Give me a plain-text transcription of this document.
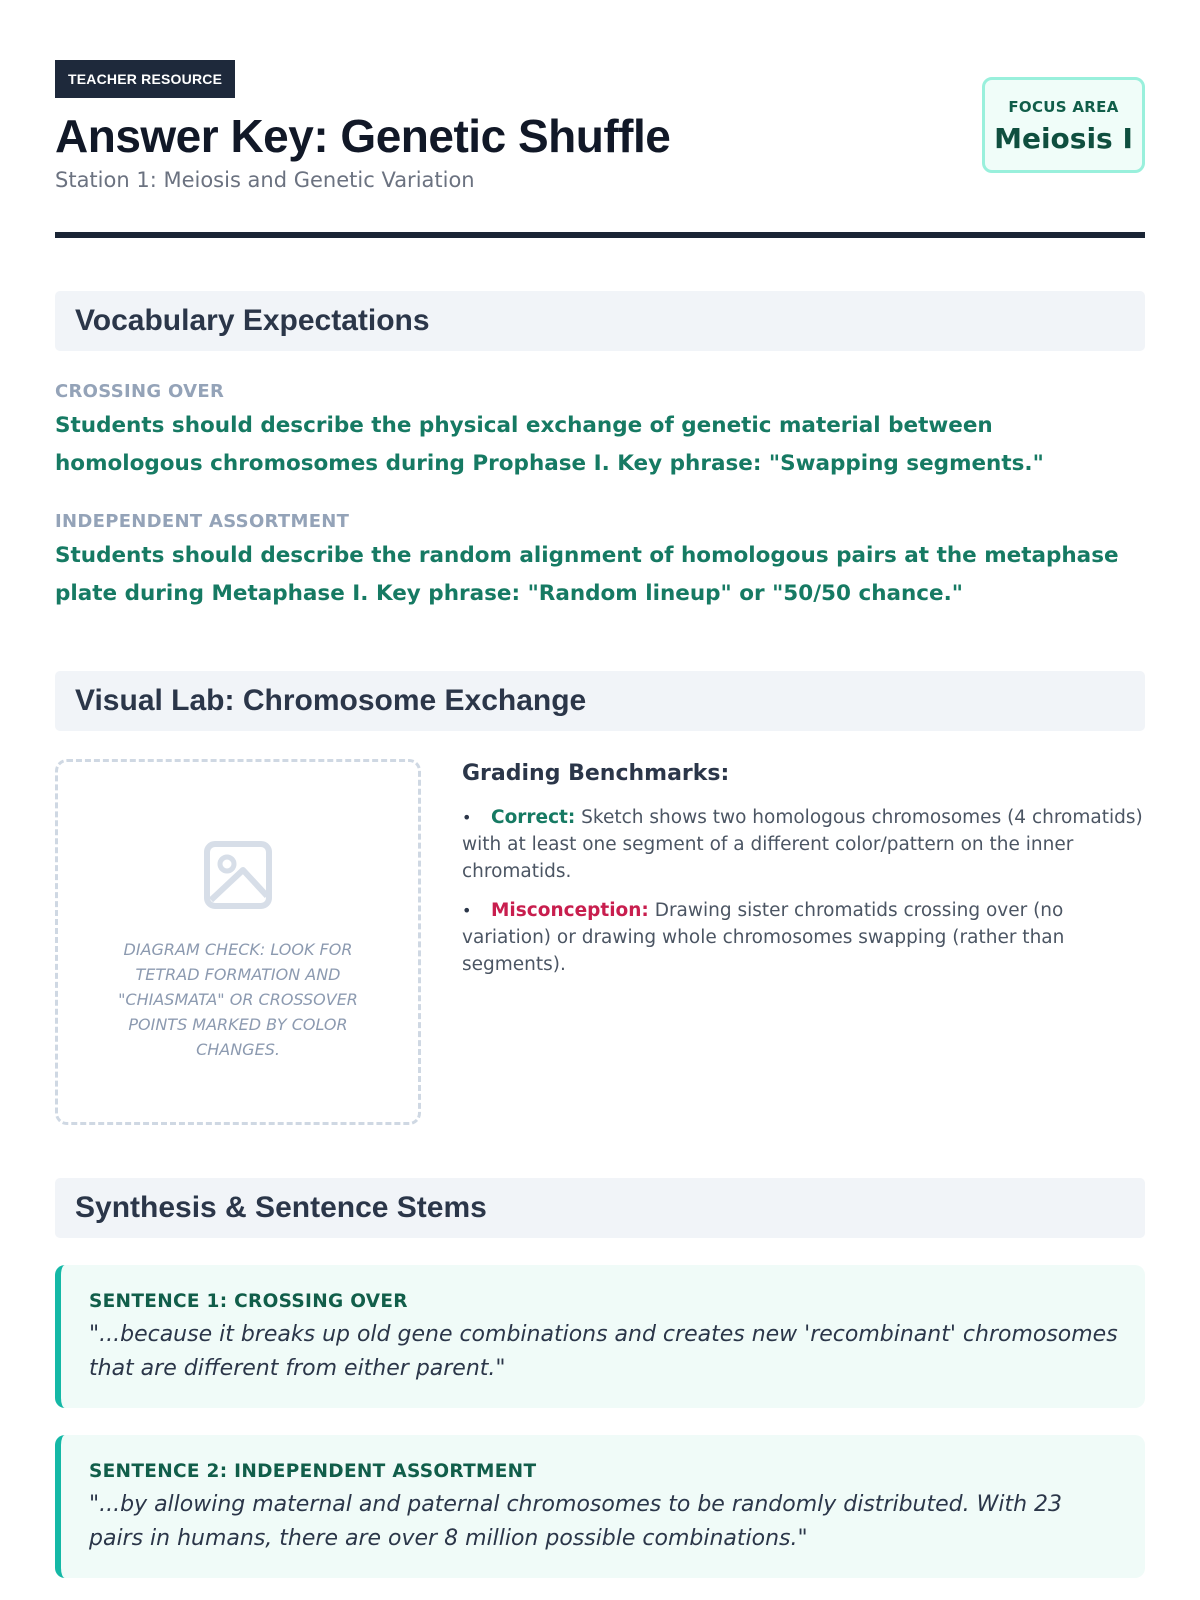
TEACHER RESOURCE
Answer Key: Genetic Shuffle
Station 1: Meiosis and Genetic Variation
FOCUS AREA
Meiosis I
Vocabulary Expectations
CROSSING OVER
Students should describe the physical exchange of genetic material between homologous chromosomes during Prophase I. Key phrase: "Swapping segments."
INDEPENDENT ASSORTMENT
Students should describe the random alignment of homologous pairs at the metaphase plate during Metaphase I. Key phrase: "Random lineup" or "50/50 chance."
Visual Lab: Chromosome Exchange
DIAGRAM CHECK: LOOK FOR TETRAD FORMATION AND "CHIASMATA" OR CROSSOVER POINTS MARKED BY COLOR CHANGES.
Grading Benchmarks:
• Correct: Sketch shows two homologous chromosomes (4 chromatids) with at least one segment of a different color/pattern on the inner chromatids.
• Misconception: Drawing sister chromatids crossing over (no variation) or drawing whole chromosomes swapping (rather than segments).
Synthesis & Sentence Stems
SENTENCE 1: CROSSING OVER
"...because it breaks up old gene combinations and creates new 'recombinant' chromosomes that are different from either parent."
SENTENCE 2: INDEPENDENT ASSORTMENT
"...by allowing maternal and paternal chromosomes to be randomly distributed. With 23 pairs in humans, there are over 8 million possible combinations."
